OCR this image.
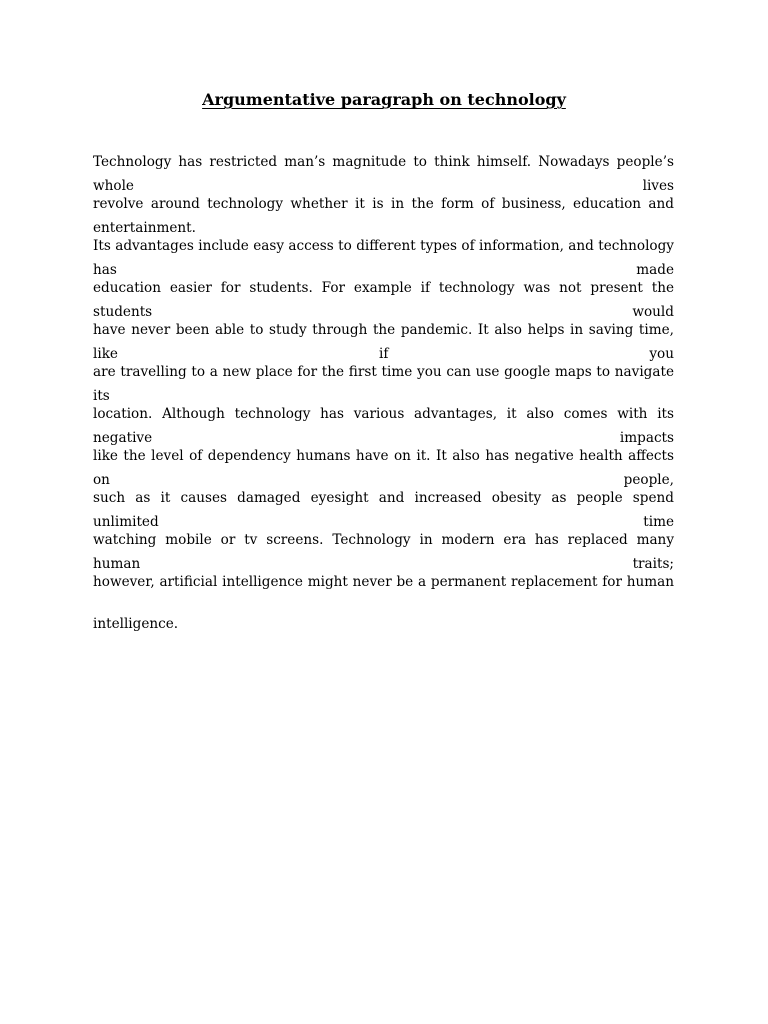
Argumentative paragraph on technology
Technology has restricted man’s magnitude to think himself. Nowadays people’s whole lives
revolve around technology whether it is in the form of business, education and entertainment.
Its advantages include easy access to different types of information, and technology has made
education easier for students. For example if technology was not present the students would
have never been able to study through the pandemic. It also helps in saving time, like if you
are travelling to a new place for the first time you can use google maps to navigate its
location. Although technology has various advantages, it also comes with its negative impacts
like the level of dependency humans have on it. It also has negative health affects on people,
such as it causes damaged eyesight and increased obesity as people spend unlimited time
watching mobile or tv screens. Technology in modern era has replaced many human traits;
however, artificial intelligence might never be a permanent replacement for human
intelligence.
